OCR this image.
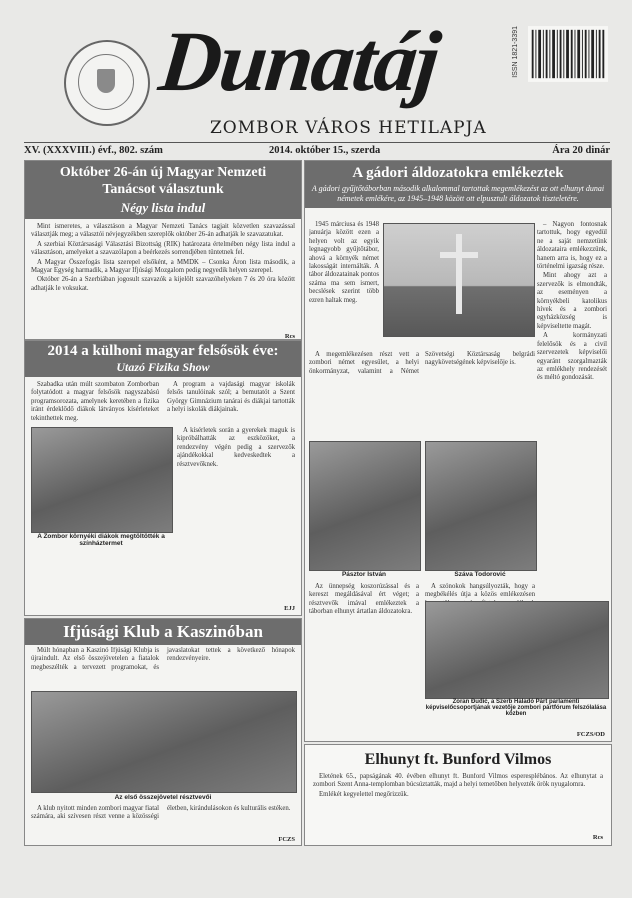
Dunatáj
ZOMBOR VÁROS HETILAPJA
ISSN 1821-3391
XV. (XXXVIII.) évf., 802. szám	2014. október 15., szerda	Ára 20 dinár
Október 26-án új Magyar Nemzeti Tanácsot választunk
Négy lista indul

Mint ismeretes, a választáson a Magyar Nemzeti Tanács tagjait közvetlen szavazással választják meg; a választói névjegyzékben szereplők október 26-án adhatják le szavazatukat.

A szerbiai Köztársasági Választási Bizottság (RIK) határozata értelmében négy lista indul a választáson, amelyeket a szavazólapon a beérkezés sorrendjében tüntetnek fel.

A Magyar Összefogás lista szerepel elsőként, a MMDK – Csonka Áron lista második, a Magyar Egység harmadik, a Magyar Ifjúsági Mozgalom pedig negyedik helyen szerepel.

Október 26-án a Szerbiában jogosult szavazók a kijelölt szavazóhelyeken 7 és 20 óra között adhatják le voksukat.

Rcs
2014 a külhoni magyar felsősök éve:
Utazó Fizika Show

Szabadka után múlt szombaton Zomborban folytatódott a magyar felsősök nagyszabású programsorozata, amelynek keretében a fizika iránt érdeklődő diákok látványos kísérleteket tekinthettek meg.

A program a vajdasági magyar iskolák felsős tanulóinak szól; a bemutatót a Szent György Gimnázium tanárai és diákjai tartották a helyi iskolák diákjainak.

A Zombor környéki diákok megtöltötték a színháztermet

A kísérletek során a gyerekek maguk is kipróbálhatták az eszközöket, a rendezvény végén pedig a szervezők ajándékokkal kedveskedtek a résztvevőknek.

EJJ
Ifjúsági Klub a Kaszinóban

Múlt hónapban a Kaszinó Ifjúsági Klubja is újraindult. Az első összejövetelen a fiatalok megbeszélték a tervezett programokat, és javaslatokat tettek a következő hónapok rendezvényeire.

Az első összejövetel résztvevői

A klub nyitott minden zombori magyar fiatal számára, aki szívesen részt venne a közösségi életben, kirándulásokon és kulturális estéken.

FCZS
A gádori áldozatokra emlékeztek
A gádori gyűjtőtáborban második alkalommal tartottak megemlékezést az ott elhunyt dunai németek emlékére, az 1945–1948 között ott elpusztult áldozatok tiszteletére.

1945 márciusa és 1948 januárja között ezen a helyen volt az egyik legnagyobb gyűjtőtábor, ahová a környék német lakosságát internálták. A tábor áldozatainak pontos száma ma sem ismert, becslések szerint több ezren haltak meg.

– Nagyon fontosnak tartottuk, hogy egyedül ne a saját nemzetünk áldozataira emlékezzünk, hanem arra is, hogy ez a történelmi igazság része.

Mint ahogy azt a szervezők is elmondták, az eseményen a környékbeli katolikus hívek és a zombori egyházközség is képviseltette magát.

A kormányzati felelősök és a civil szervezetek képviselői egyaránt szorgalmazták az emlékhely rendezését és méltó gondozását.

A megemlékezésen részt vett a zombori német egyesület, a helyi önkormányzat, valamint a Német Szövetségi Köztársaság belgrádi nagykövetségének képviselője is.

Pásztor István	Száva Todorović

Az ünnepség koszorúzással és a kereszt megáldásával ért véget; a résztvevők imával emlékeztek a táborban elhunyt ártatlan áldozatokra.

A szónokok hangsúlyozták, hogy a megbékélés útja a közös emlékezésen

Zoran Đuđić, a Szerb Haladó Párt parlamenti képviselőcsoportjának vezetője zombori pártfórum felszólalása közben
FCZS/OD
Elhunyt ft. Bunford Vilmos

Életének 65., papságának 40. évében elhunyt ft. Bunford Vilmos esperesplébános. Az elhunytat a zombori Szent Anna-templomban búcsúztatták, majd a helyi temetőben helyezték örök nyugalomra.

Emlékét kegyelettel megőrizzük.

Rcs
